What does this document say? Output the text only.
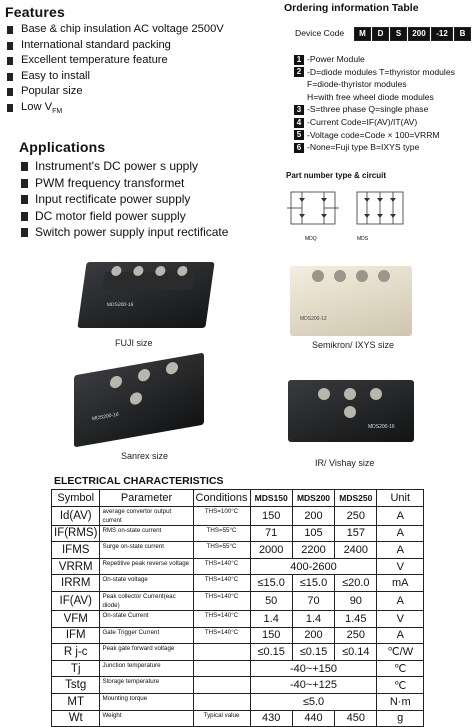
Features
Base & chip insulation AC voltage 2500V
International standard packing
Excellent temperature feature
Easy to install
Popular size
Low $V_{FM}$
Applications
Instrument's DC power s upply
PWM frequency transformet
Input rectificate power supply
DC motor field power supply
Switch power supply input rectificate
Ordering information Table
Device Code M D S 200 -12 B
1 -Power Module
2 -D=diode modules T=thyristor modules
F=diode-thyristor modules
H=with free wheel diode modules
3 -S=three phase Q=single phase
4 -Current Code=IF(AV)/IT(AV)
5 -Voltage code=Code × 100=VRRM
6 -None=Fuji type B=IXYS type
Part number type & circuit
MDQ	MDS
MDS200-16
FUJI size
MDS200-12
Semikron/ IXYS size
MDS200-16
Sanrex size
MDS200-16
IR/ Vishay size
ELECTRICAL CHARACTERISTICS
Symbol	Parameter	Conditions	MDS150	MDS200	MDS250	Unit
Id(AV)	average convertor output current	THS=100°C	150	200	250	A
IF(RMS)	RMS on-state current	THS=55°C	71	105	157	A
IFMS	Surge on-state current	THS=55°C	2000	2200	2400	A
VRRM	Repetitive peak reverse voltage	THS=140°C	400-2600			V
IRRM	On-state voltage	THS=140°C	≤15.0	≤15.0	≤20.0	mA
IF(AV)	Peak collector Current(eac diode)	THS=140°C	50	70	90	A
VFM	On-state Current	THS=140°C	1.4	1.4	1.45	V
IFM	Gate Trigger Current	THS=140°C	150	200	250	A
R j-c	Peak gate forward voltage		≤0.15	≤0.15	≤0.14	℃/W
Tj	Junction temperature		-40~+150			℃
Tstg	Storage temperature		-40~+125			℃
MT	Mounting torque		≤5.0			N·m
Wt	Weight	Typical value	430	440	450	g
